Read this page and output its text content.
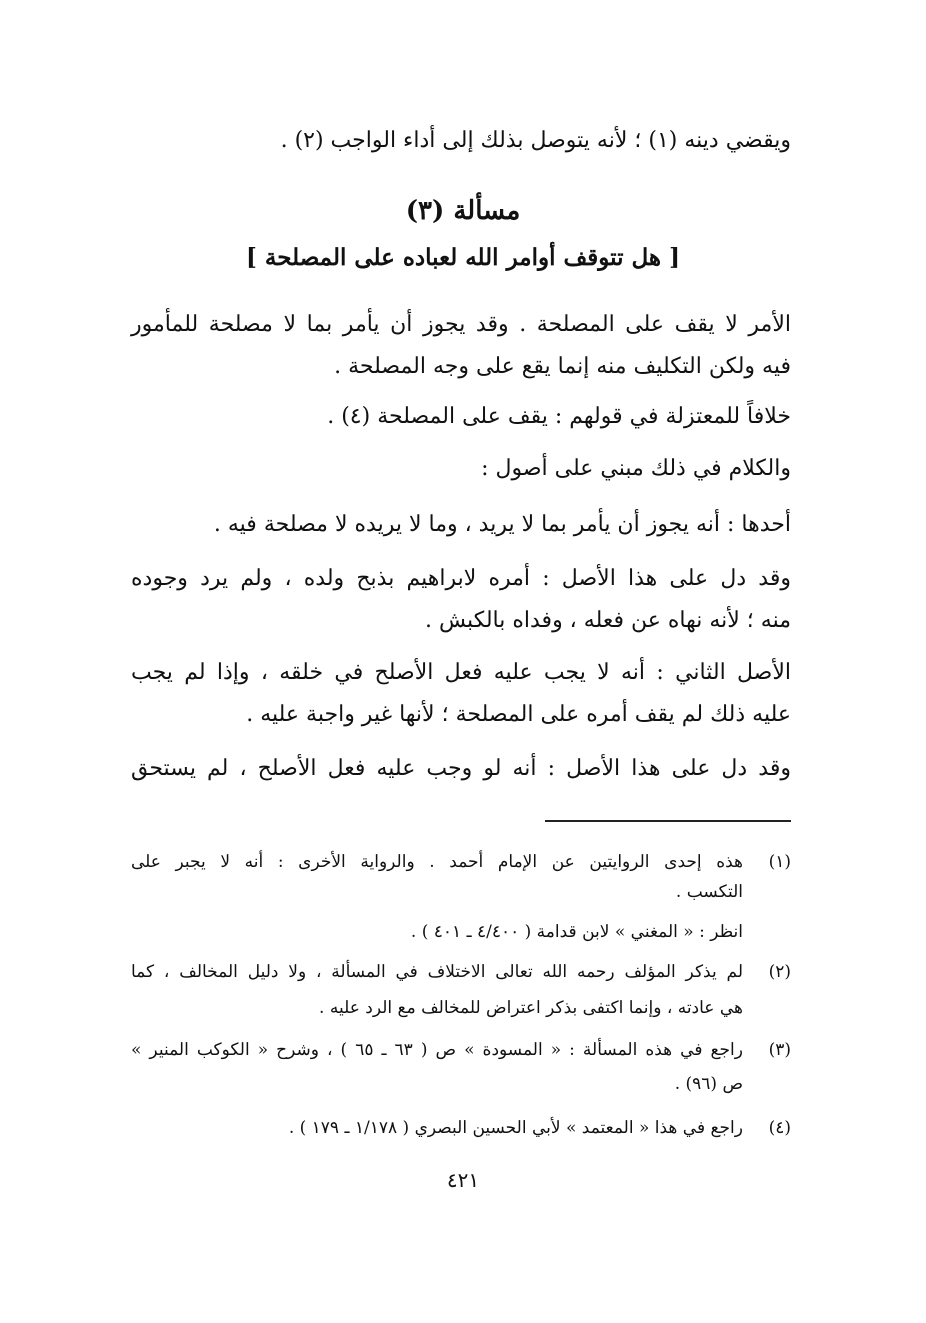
ويقضي دينه (١) ؛ لأنه يتوصل بذلك إلى أداء الواجب (٢) .
مسألة (٣)
[ هل تتوقف أوامر الله لعباده على المصلحة ]
الأمر لا يقف على المصلحة . وقد يجوز أن يأمر بما لا مصلحة للمأمور
فيه ولكن التكليف منه إنما يقع على وجه المصلحة .
خلافاً للمعتزلة في قولهم : يقف على المصلحة (٤) .
والكلام في ذلك مبني على أصول :
أحدها : أنه يجوز أن يأمر بما لا يريد ، وما لا يريده لا مصلحة فيه .
وقد دل على هذا الأصل : أمره لابراهيم بذبح ولده ، ولم يرد وجوده
منه ؛ لأنه نهاه عن فعله ، وفداه بالكبش .
الأصل الثاني : أنه لا يجب عليه فعل الأصلح في خلقه ، وإذا لم يجب
عليه ذلك لم يقف أمره على المصلحة ؛ لأنها غير واجبة عليه .
وقد دل على هذا الأصل : أنه لو وجب عليه فعل الأصلح ، لم يستحق
(١)
هذه إحدى الروايتين عن الإمام أحمد . والرواية الأخرى : أنه لا يجبر على
التكسب .
انظر : « المغني » لابن قدامة ( ٤/٤٠٠ ـ ٤٠١ ) .
(٢)
لم يذكر المؤلف رحمه الله تعالى الاختلاف في المسألة ، ولا دليل المخالف ، كما
هي عادته ، وإنما اكتفى بذكر اعتراض للمخالف مع الرد عليه .
(٣)
راجع في هذه المسألة : « المسودة » ص ( ٦٣ ـ ٦٥ ) ، وشرح « الكوكب المنير »
ص (٩٦) .
(٤)
راجع في هذا « المعتمد » لأبي الحسين البصري ( ١/١٧٨ ـ ١٧٩ ) .
٤٢١
